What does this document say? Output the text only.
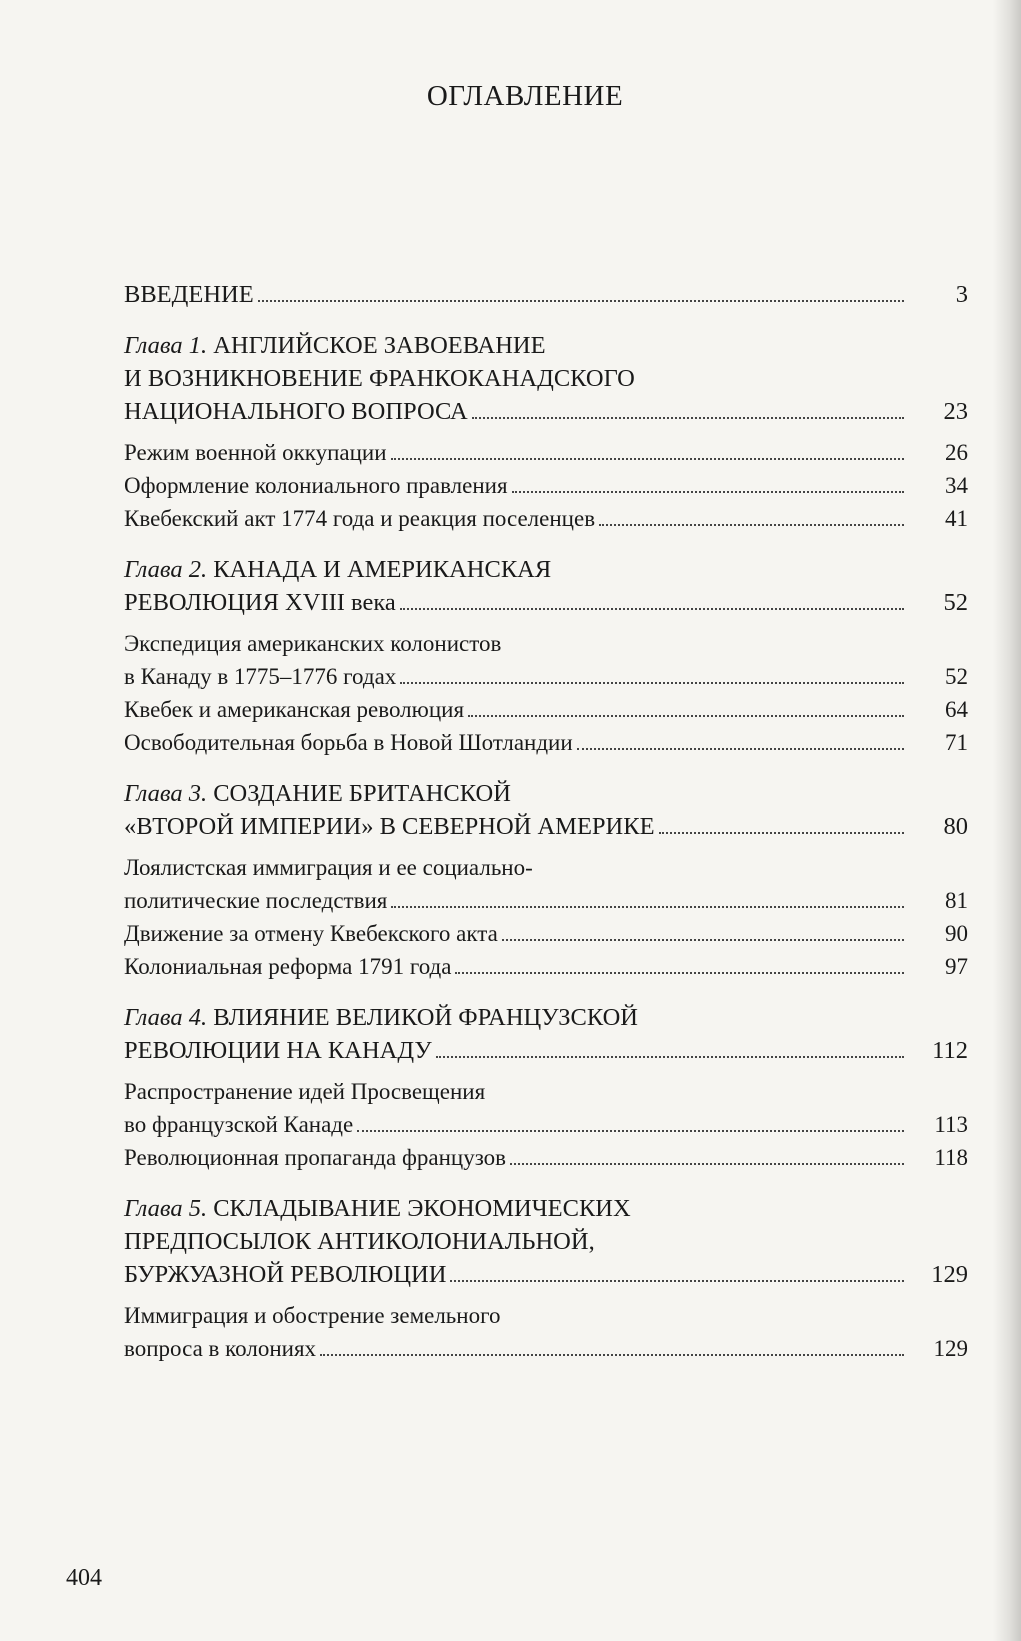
ОГЛАВЛЕНИЕ
ВВЕДЕНИЕ	3
Глава 1. АНГЛИЙСКОЕ ЗАВОЕВАНИЕ
И ВОЗНИКНОВЕНИЕ ФРАНКОКАНАДСКОГО
НАЦИОНАЛЬНОГО ВОПРОСА	23
Режим военной оккупации	26
Оформление колониального правления	34
Квебекский акт 1774 года и реакция поселенцев	41
Глава 2. КАНАДА И АМЕРИКАНСКАЯ
РЕВОЛЮЦИЯ XVIII века	52
Экспедиция американских колонистов
в Канаду в 1775–1776 годах	52
Квебек и американская революция	64
Освободительная борьба в Новой Шотландии	71
Глава 3. СОЗДАНИЕ БРИТАНСКОЙ
«ВТОРОЙ ИМПЕРИИ» В СЕВЕРНОЙ АМЕРИКЕ	80
Лоялистская иммиграция и ее социально-
политические последствия	81
Движение за отмену Квебекского акта	90
Колониальная реформа 1791 года	97
Глава 4. ВЛИЯНИЕ ВЕЛИКОЙ ФРАНЦУЗСКОЙ
РЕВОЛЮЦИИ НА КАНАДУ	112
Распространение идей Просвещения
во французской Канаде	113
Революционная пропаганда французов	118
Глава 5. СКЛАДЫВАНИЕ ЭКОНОМИЧЕСКИХ
ПРЕДПОСЫЛОК АНТИКОЛОНИАЛЬНОЙ,
БУРЖУАЗНОЙ РЕВОЛЮЦИИ	129
Иммиграция и обострение земельного
вопроса в колониях	129
404
